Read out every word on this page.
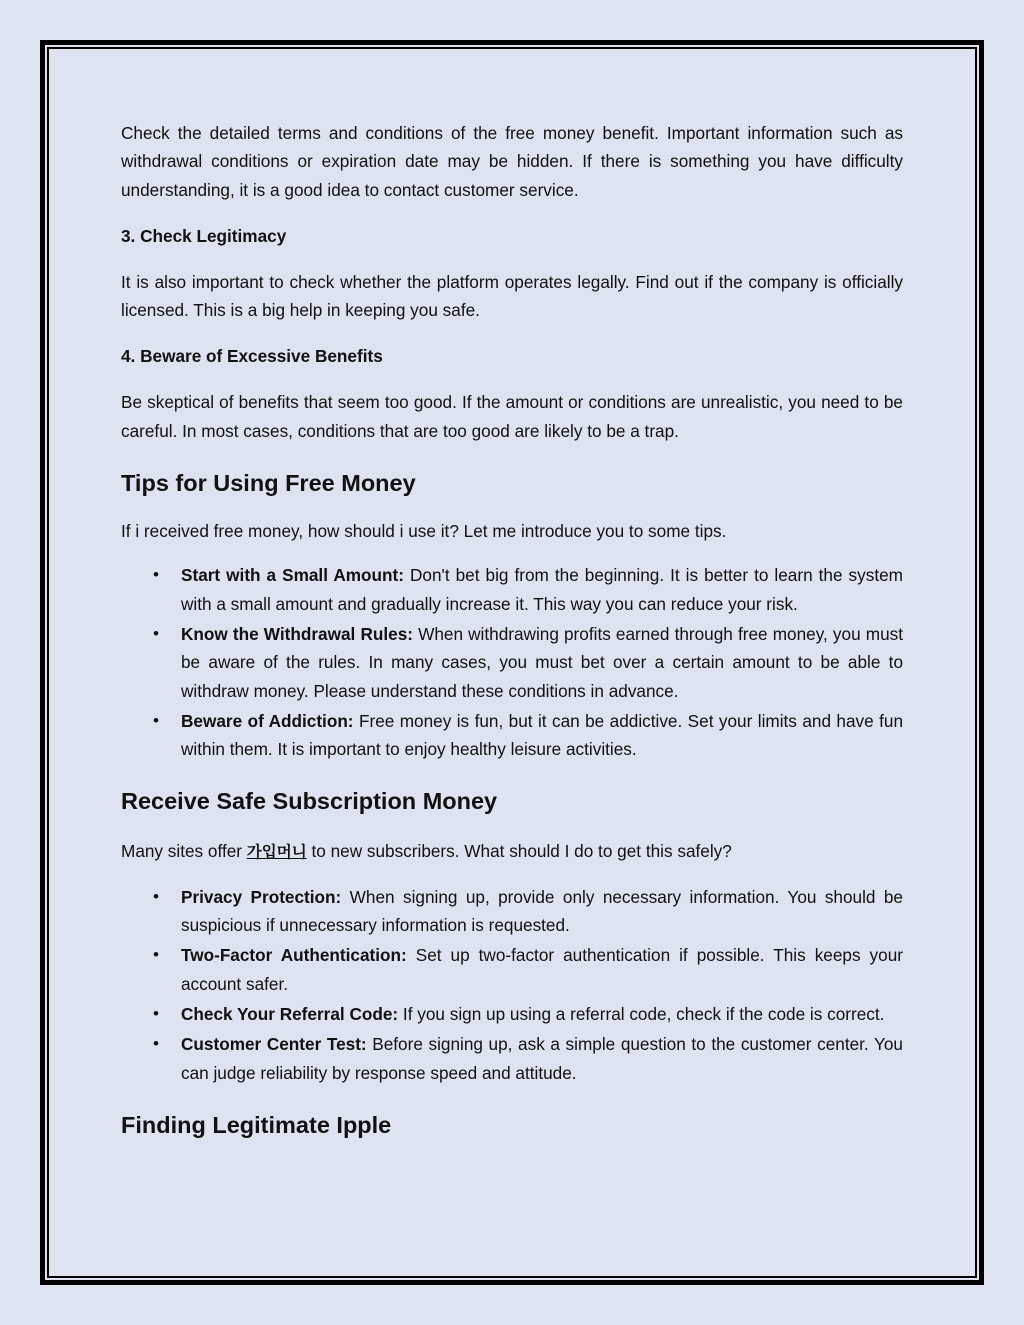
Check the detailed terms and conditions of the free money benefit. Important information such as withdrawal conditions or expiration date may be hidden. If there is something you have difficulty understanding, it is a good idea to contact customer service.

3. Check Legitimacy

It is also important to check whether the platform operates legally. Find out if the company is officially licensed. This is a big help in keeping you safe.

4. Beware of Excessive Benefits

Be skeptical of benefits that seem too good. If the amount or conditions are unrealistic, you need to be careful. In most cases, conditions that are too good are likely to be a trap.

Tips for Using Free Money

If i received free money, how should i use it? Let me introduce you to some tips.

• Start with a Small Amount: Don't bet big from the beginning. It is better to learn the system with a small amount and gradually increase it. This way you can reduce your risk.
• Know the Withdrawal Rules: When withdrawing profits earned through free money, you must be aware of the rules. In many cases, you must bet over a certain amount to be able to withdraw money. Please understand these conditions in advance.
• Beware of Addiction: Free money is fun, but it can be addictive. Set your limits and have fun within them. It is important to enjoy healthy leisure activities.
Receive Safe Subscription Money

Many sites offer 가입머니 to new subscribers. What should I do to get this safely?

• Privacy Protection: When signing up, provide only necessary information. You should be suspicious if unnecessary information is requested.
• Two-Factor Authentication: Set up two-factor authentication if possible. This keeps your account safer.
• Check Your Referral Code: If you sign up using a referral code, check if the code is correct.
• Customer Center Test: Before signing up, ask a simple question to the customer center. You can judge reliability by response speed and attitude.
Finding Legitimate Ipple
